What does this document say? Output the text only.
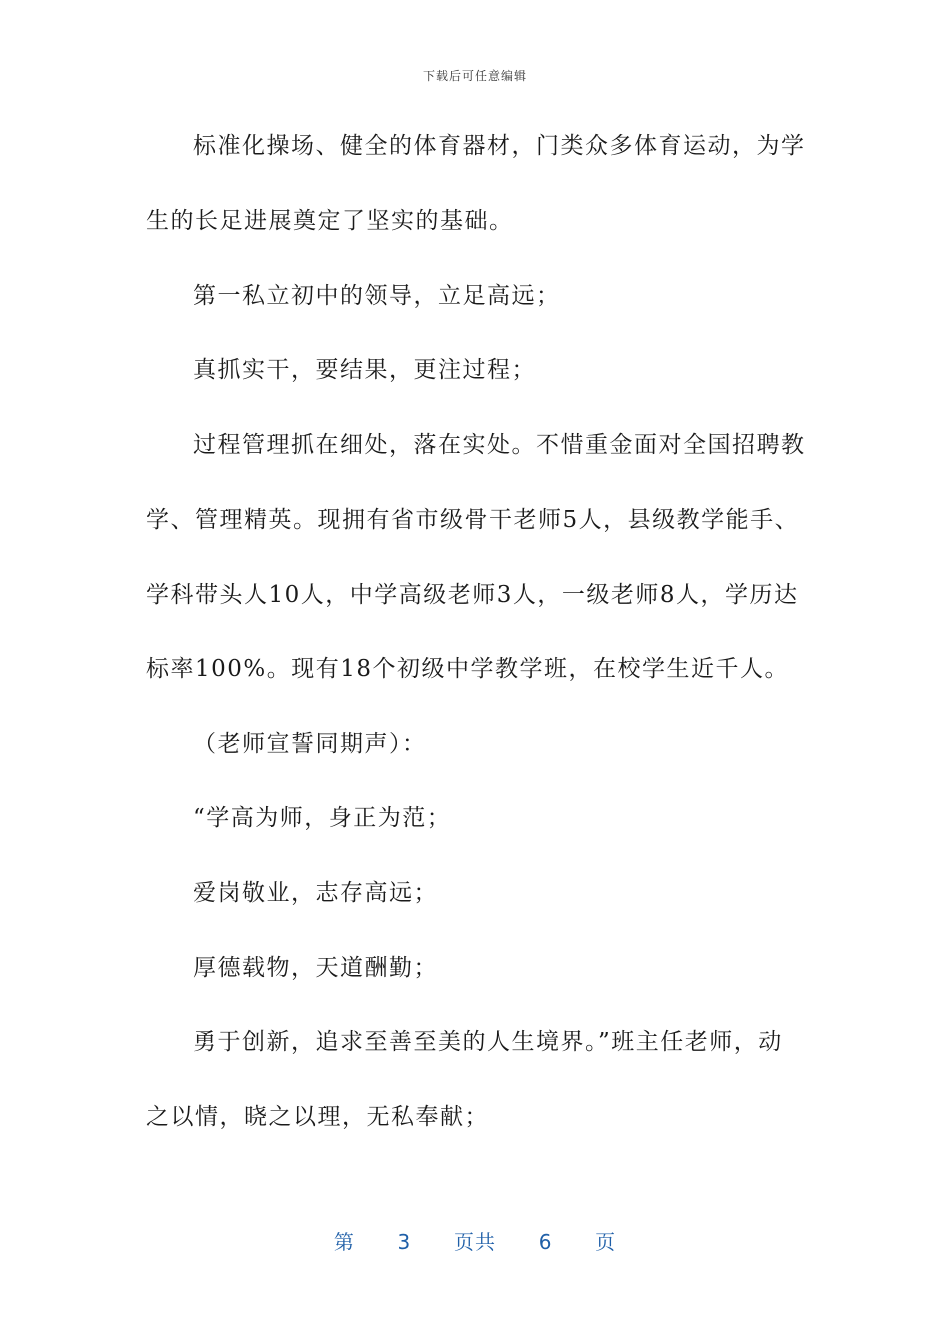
下载后可任意编辑
标准化操场、健全的体育器材，门类众多体育运动，为学
生的长足进展奠定了坚实的基础。
第一私立初中的领导，立足高远；
真抓实干，要结果，更注过程；
过程管理抓在细处，落在实处。不惜重金面对全国招聘教
学、管理精英。现拥有省市级骨干老师5人，县级教学能手、
学科带头人10人，中学高级老师3人，一级老师8人，学历达
标率100%。现有18个初级中学教学班，在校学生近千人。
（老师宣誓同期声）：
“学高为师，身正为范；
爱岗敬业，志存高远；
厚德载物，天道酬勤；
勇于创新，追求至善至美的人生境界。”班主任老师，动
之以情，晓之以理，无私奉献；
第 3 页共 6 页
